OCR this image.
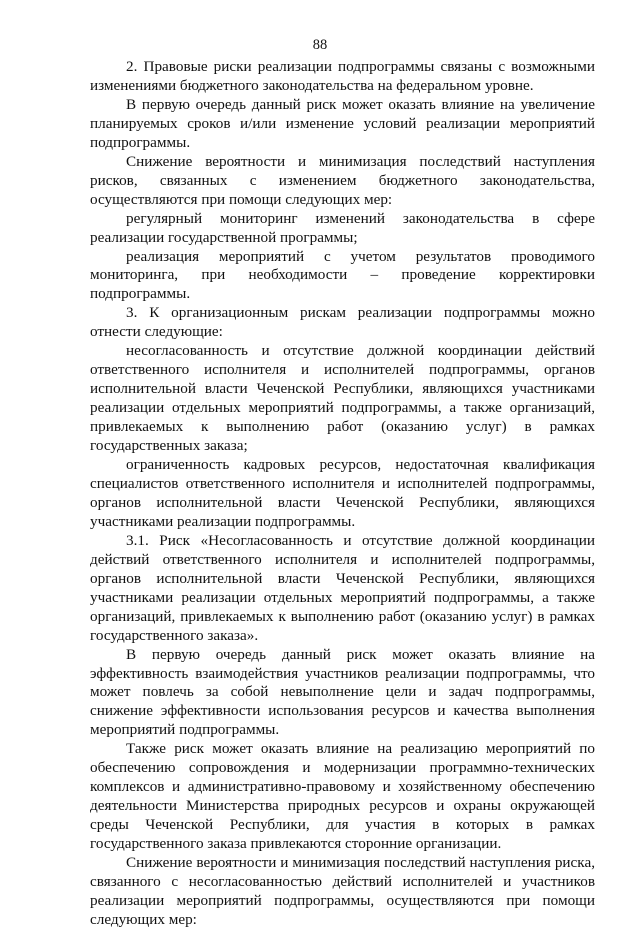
88

2. Правовые риски реализации подпрограммы связаны с возможными изменениями бюджетного законодательства на федеральном уровне.

В первую очередь данный риск может оказать влияние на увеличение планируемых сроков и/или изменение условий реализации мероприятий подпрограммы.

Снижение вероятности и минимизация последствий наступления рисков, связанных с изменением бюджетного законодательства, осуществляются при помощи следующих мер:

регулярный мониторинг изменений законодательства в сфере реализации государственной программы;

реализация мероприятий с учетом результатов проводимого мониторинга, при необходимости – проведение корректировки подпрограммы.

3. К организационным рискам реализации подпрограммы можно отнести следующие:

несогласованность и отсутствие должной координации действий ответственного исполнителя и исполнителей подпрограммы, органов исполнительной власти Чеченской Республики, являющихся участниками реализации отдельных мероприятий подпрограммы, а также организаций, привлекаемых к выполнению работ (оказанию услуг) в рамках государственных заказа;

ограниченность кадровых ресурсов, недостаточная квалификация специалистов ответственного исполнителя и исполнителей подпрограммы, органов исполнительной власти Чеченской Республики, являющихся участниками реализации подпрограммы.

3.1. Риск «Несогласованность и отсутствие должной координации действий ответственного исполнителя и исполнителей подпрограммы, органов исполнительной власти Чеченской Республики, являющихся участниками реализации отдельных мероприятий подпрограммы, а также организаций, привлекаемых к выполнению работ (оказанию услуг) в рамках государственного заказа».

В первую очередь данный риск может оказать влияние на эффективность взаимодействия участников реализации подпрограммы, что может повлечь за собой невыполнение цели и задач подпрограммы, снижение эффективности использования ресурсов и качества выполнения мероприятий подпрограммы.

Также риск может оказать влияние на реализацию мероприятий по обеспечению сопровождения и модернизации программно-технических комплексов и административно-правовому и хозяйственному обеспечению деятельности Министерства природных ресурсов и охраны окружающей среды Чеченской Республики, для участия в которых в рамках государственного заказа привлекаются сторонние организации.

Снижение вероятности и минимизация последствий наступления риска, связанного с несогласованностью действий исполнителей и участников реализации мероприятий подпрограммы, осуществляются при помощи следующих мер:
